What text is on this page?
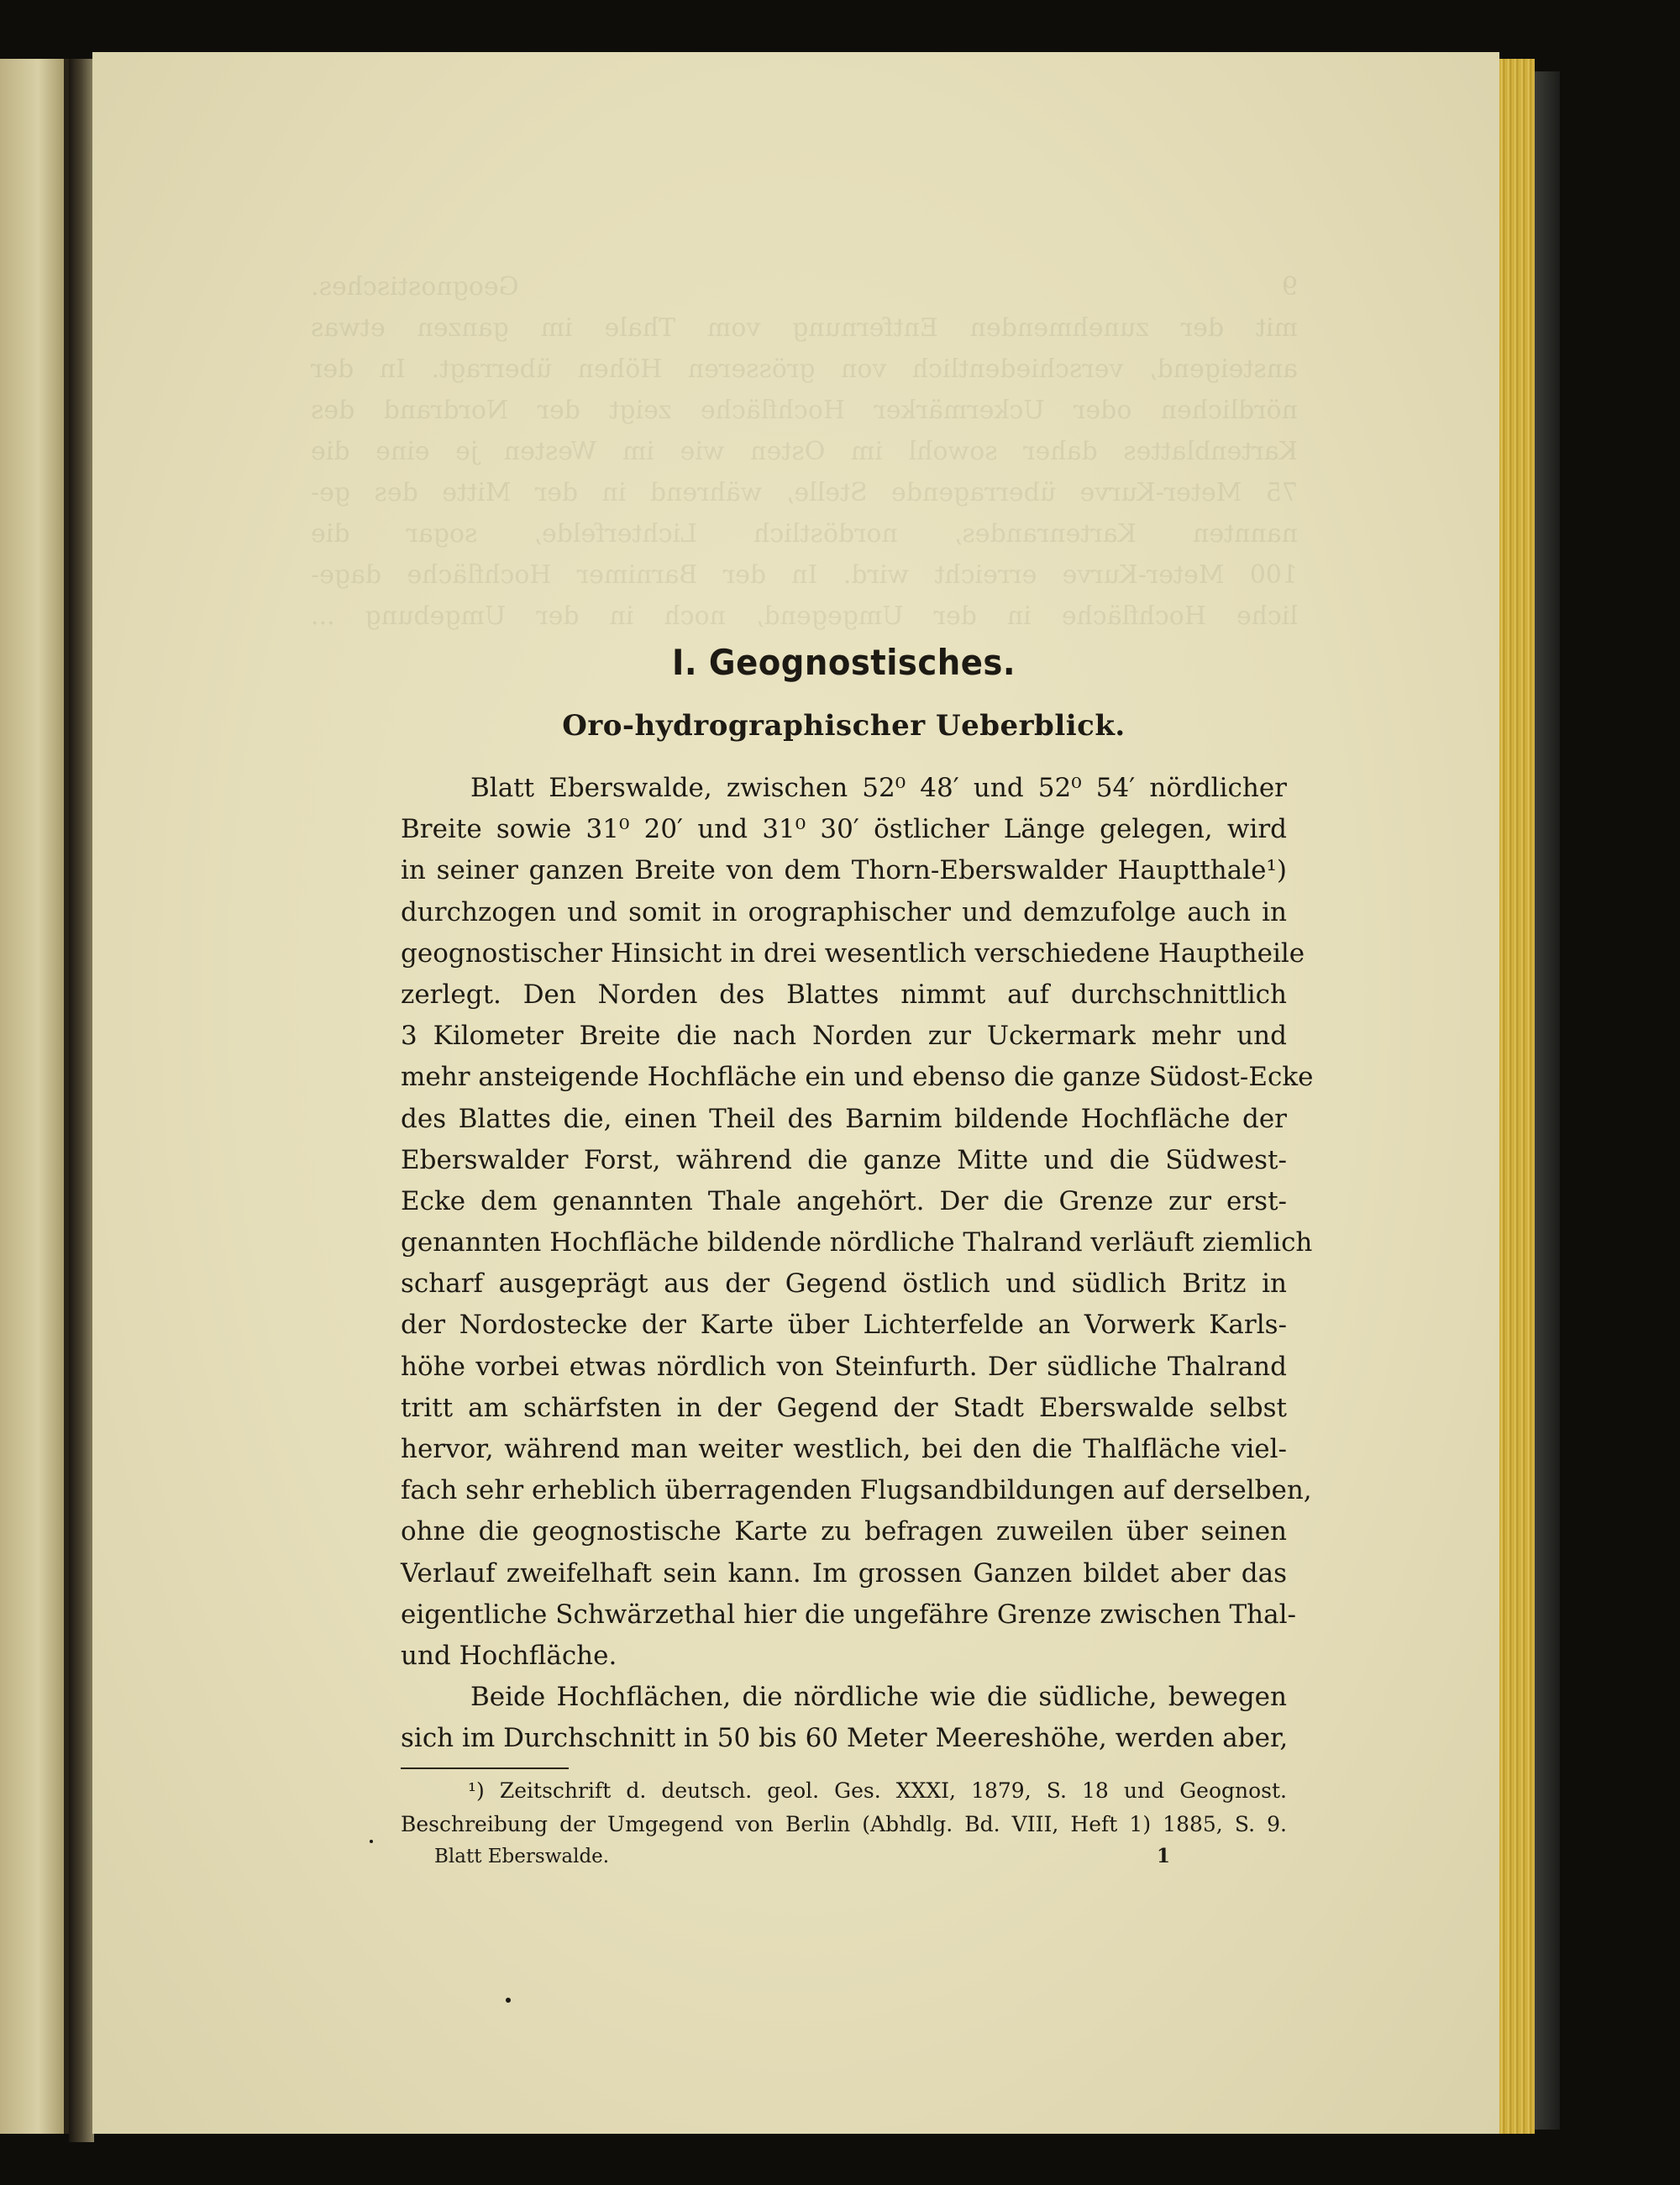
9 Geognostisches.
mit der zunehmenden Entfernung vom Thale im ganzen etwas
ansteigend, verschiedentlich von grösseren Höhen überragt. In der
nördlichen oder Uckermärker Hochfläche zeigt der Nordrand des
Kartenblattes daher sowohl im Osten wie im Westen je eine die
75 Meter-Kurve überragende Stelle, während in der Mitte des ge-
nannten Kartenrandes, nordöstlich Lichterfelde, sogar die
100 Meter-Kurve erreicht wird. In der Barnimer Hochfläche dage-
liche Hochfläche in der Umgegend, noch in der Umgebung ...
I. Geognostisches.
Oro-hydrographischer Ueberblick.
Blatt Eberswalde, zwischen 52⁰ 48′ und 52⁰ 54′ nördlicher
Breite sowie 31⁰ 20′ und 31⁰ 30′ östlicher Länge gelegen, wird
in seiner ganzen Breite von dem Thorn-Eberswalder Hauptthale¹)
durchzogen und somit in orographischer und demzufolge auch in
geognostischer Hinsicht in drei wesentlich verschiedene Hauptheile
zerlegt. Den Norden des Blattes nimmt auf durchschnittlich
3 Kilometer Breite die nach Norden zur Uckermark mehr und
mehr ansteigende Hochfläche ein und ebenso die ganze Südost-Ecke
des Blattes die, einen Theil des Barnim bildende Hochfläche der
Eberswalder Forst, während die ganze Mitte und die Südwest-
Ecke dem genannten Thale angehört. Der die Grenze zur erst-
genannten Hochfläche bildende nördliche Thalrand verläuft ziemlich
scharf ausgeprägt aus der Gegend östlich und südlich Britz in
der Nordostecke der Karte über Lichterfelde an Vorwerk Karls-
höhe vorbei etwas nördlich von Steinfurth. Der südliche Thalrand
tritt am schärfsten in der Gegend der Stadt Eberswalde selbst
hervor, während man weiter westlich, bei den die Thalfläche viel-
fach sehr erheblich überragenden Flugsandbildungen auf derselben,
ohne die geognostische Karte zu befragen zuweilen über seinen
Verlauf zweifelhaft sein kann. Im grossen Ganzen bildet aber das
eigentliche Schwärzethal hier die ungefähre Grenze zwischen Thal-
und Hochfläche.
Beide Hochflächen, die nördliche wie die südliche, bewegen
sich im Durchschnitt in 50 bis 60 Meter Meereshöhe, werden aber,
¹) Zeitschrift d. deutsch. geol. Ges. XXXI, 1879, S. 18 und Geognost.
Beschreibung der Umgegend von Berlin (Abhdlg. Bd. VIII, Heft 1) 1885, S. 9.
Blatt Eberswalde.	1
